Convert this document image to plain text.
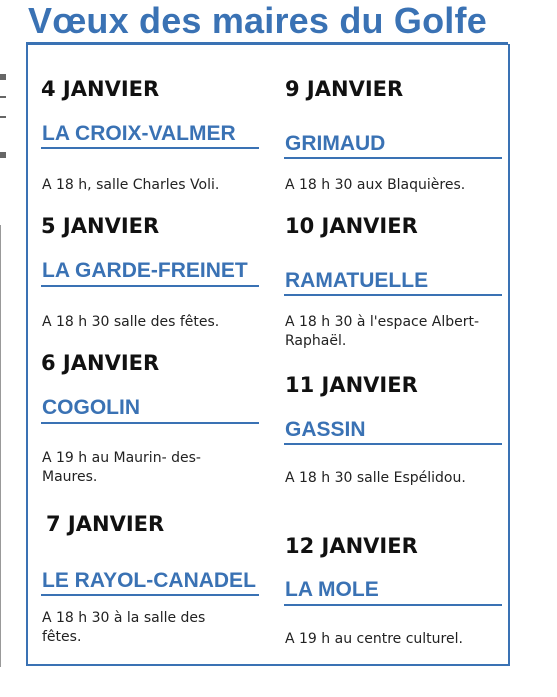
Vœux des maires du Golfe
4 JANVIER
LA CROIX-VALMER
A 18 h, salle Charles Voli.
5 JANVIER
LA GARDE-FREINET
A 18 h 30 salle des fêtes.
6 JANVIER
COGOLIN
A 19 h au Maurin- des-Maures.
7 JANVIER
LE RAYOL-CANADEL
A 18 h 30 à la salle des fêtes.
9 JANVIER
GRIMAUD
A 18 h 30 aux Blaquières.
10 JANVIER
RAMATUELLE
A 18 h 30 à l'espace Albert-Raphaël.
11 JANVIER
GASSIN
A 18 h 30 salle Espélidou.
12 JANVIER
LA MOLE
A 19 h au centre culturel.
